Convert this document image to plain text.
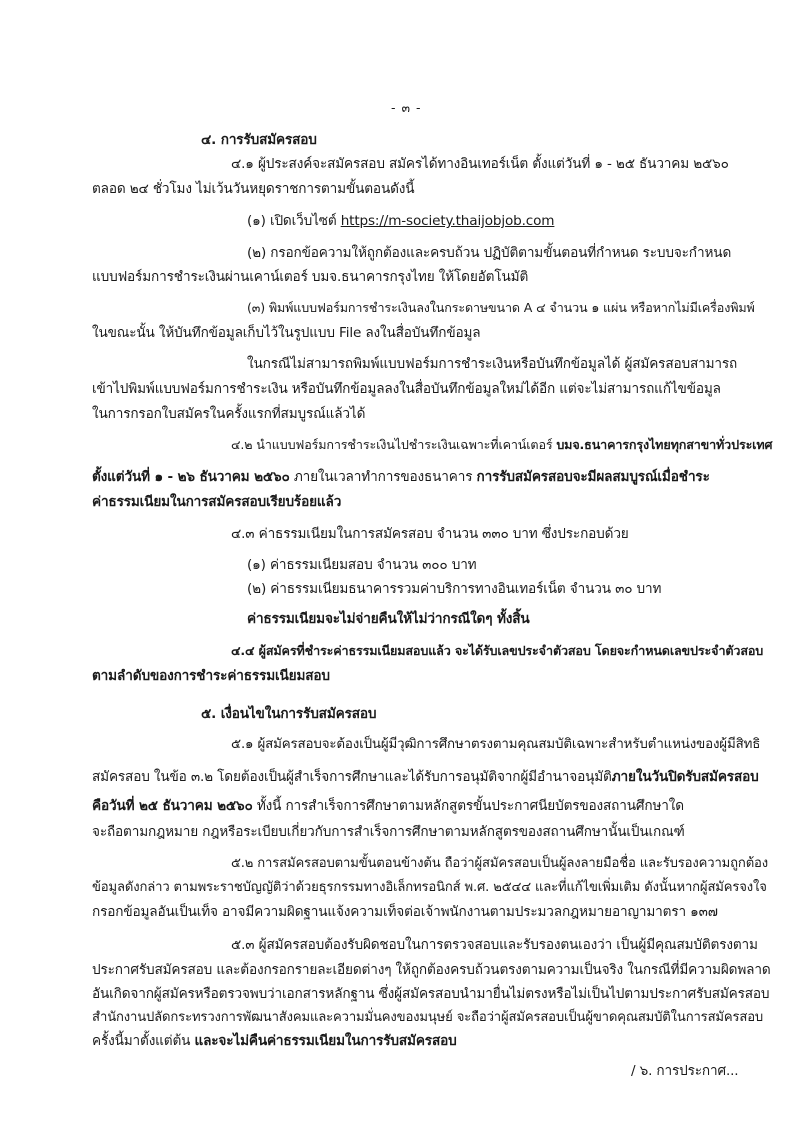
- ๓ -
๔. การรับสมัครสอบ
๔.๑ ผู้ประสงค์จะสมัครสอบ สมัครได้ทางอินเทอร์เน็ต ตั้งแต่วันที่ ๑ - ๒๕ ธันวาคม ๒๕๖๐
ตลอด ๒๔ ชั่วโมง ไม่เว้นวันหยุดราชการตามขั้นตอนดังนี้
(๑) เปิดเว็บไซต์ https://m-society.thaijobjob.com
(๒) กรอกข้อความให้ถูกต้องและครบถ้วน ปฏิบัติตามขั้นตอนที่กำหนด ระบบจะกำหนด
แบบฟอร์มการชำระเงินผ่านเคาน์เตอร์ บมจ.ธนาคารกรุงไทย ให้โดยอัตโนมัติ
(๓) พิมพ์แบบฟอร์มการชำระเงินลงในกระดาษขนาด A ๔ จำนวน ๑ แผ่น หรือหากไม่มีเครื่องพิมพ์
ในขณะนั้น ให้บันทึกข้อมูลเก็บไว้ในรูปแบบ File ลงในสื่อบันทึกข้อมูล
ในกรณีไม่สามารถพิมพ์แบบฟอร์มการชำระเงินหรือบันทึกข้อมูลได้ ผู้สมัครสอบสามารถ
เข้าไปพิมพ์แบบฟอร์มการชำระเงิน หรือบันทึกข้อมูลลงในสื่อบันทึกข้อมูลใหม่ได้อีก แต่จะไม่สามารถแก้ไขข้อมูล
ในการกรอกใบสมัครในครั้งแรกที่สมบูรณ์แล้วได้
๔.๒ นำแบบฟอร์มการชำระเงินไปชำระเงินเฉพาะที่เคาน์เตอร์ บมจ.ธนาคารกรุงไทยทุกสาขาทั่วประเทศ
ตั้งแต่วันที่ ๑ - ๒๖ ธันวาคม ๒๕๖๐ ภายในเวลาทำการของธนาคาร การรับสมัครสอบจะมีผลสมบูรณ์เมื่อชำระ
ค่าธรรมเนียมในการสมัครสอบเรียบร้อยแล้ว
๔.๓ ค่าธรรมเนียมในการสมัครสอบ จำนวน ๓๓๐ บาท ซึ่งประกอบด้วย
(๑) ค่าธรรมเนียมสอบ จำนวน ๓๐๐ บาท
(๒) ค่าธรรมเนียมธนาคารรวมค่าบริการทางอินเทอร์เน็ต จำนวน ๓๐ บาท
ค่าธรรมเนียมจะไม่จ่ายคืนให้ไม่ว่ากรณีใดๆ ทั้งสิ้น
๔.๔ ผู้สมัครที่ชำระค่าธรรมเนียมสอบแล้ว จะได้รับเลขประจำตัวสอบ โดยจะกำหนดเลขประจำตัวสอบ
ตามลำดับของการชำระค่าธรรมเนียมสอบ
๕. เงื่อนไขในการรับสมัครสอบ
๕.๑ ผู้สมัครสอบจะต้องเป็นผู้มีวุฒิการศึกษาตรงตามคุณสมบัติเฉพาะสำหรับตำแหน่งของผู้มีสิทธิ
สมัครสอบ ในข้อ ๓.๒ โดยต้องเป็นผู้สำเร็จการศึกษาและได้รับการอนุมัติจากผู้มีอำนาจอนุมัติภายในวันปิดรับสมัครสอบ
คือวันที่ ๒๕ ธันวาคม ๒๕๖๐ ทั้งนี้ การสำเร็จการศึกษาตามหลักสูตรขั้นประกาศนียบัตรของสถานศึกษาใด
จะถือตามกฎหมาย กฎหรือระเบียบเกี่ยวกับการสำเร็จการศึกษาตามหลักสูตรของสถานศึกษานั้นเป็นเกณฑ์
๕.๒ การสมัครสอบตามขั้นตอนข้างต้น ถือว่าผู้สมัครสอบเป็นผู้ลงลายมือชื่อ และรับรองความถูกต้อง
ข้อมูลดังกล่าว ตามพระราชบัญญัติว่าด้วยธุรกรรมทางอิเล็กทรอนิกส์ พ.ศ. ๒๕๔๔ และที่แก้ไขเพิ่มเติม ดังนั้นหากผู้สมัครจงใจ
กรอกข้อมูลอันเป็นเท็จ อาจมีความผิดฐานแจ้งความเท็จต่อเจ้าพนักงานตามประมวลกฎหมายอาญามาตรา ๑๓๗
๕.๓ ผู้สมัครสอบต้องรับผิดชอบในการตรวจสอบและรับรองตนเองว่า เป็นผู้มีคุณสมบัติตรงตาม
ประกาศรับสมัครสอบ และต้องกรอกรายละเอียดต่างๆ ให้ถูกต้องครบถ้วนตรงตามความเป็นจริง ในกรณีที่มีความผิดพลาด
อันเกิดจากผู้สมัครหรือตรวจพบว่าเอกสารหลักฐาน ซึ่งผู้สมัครสอบนำมายื่นไม่ตรงหรือไม่เป็นไปตามประกาศรับสมัครสอบ
สำนักงานปลัดกระทรวงการพัฒนาสังคมและความมั่นคงของมนุษย์ จะถือว่าผู้สมัครสอบเป็นผู้ขาดคุณสมบัติในการสมัครสอบ
ครั้งนี้มาตั้งแต่ต้น และจะไม่คืนค่าธรรมเนียมในการรับสมัครสอบ
/ ๖. การประกาศ...
